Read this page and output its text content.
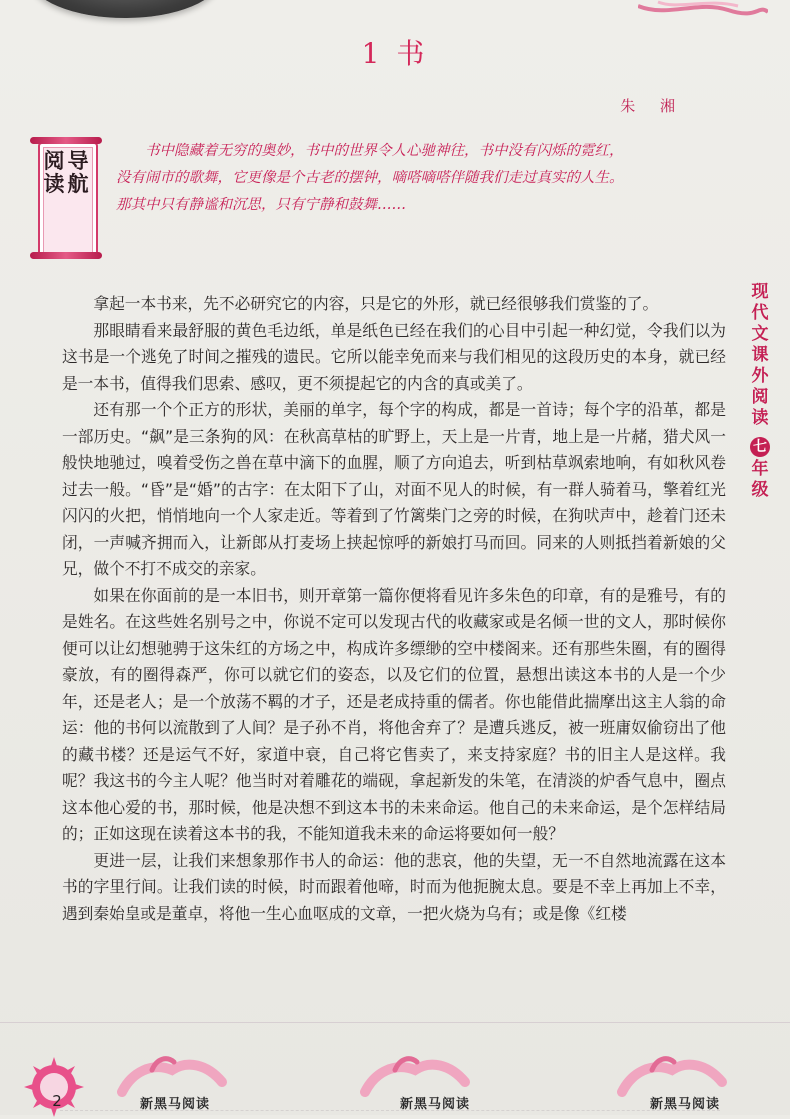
1 书
朱 湘
阅 导
读 航

书中隐藏着无穷的奥妙，书中的世界令人心驰神往，书中没有闪烁的霓红，

没有闹市的歌舞，它更像是个古老的摆钟，嘀嗒嘀嗒伴随我们走过真实的人生。

那其中只有静谧和沉思，只有宁静和鼓舞……

现代文课外阅读
七
年级

拿起一本书来，先不必研究它的内容，只是它的外形，就已经很够我们赏鉴的了。

那眼睛看来最舒服的黄色毛边纸，单是纸色已经在我们的心目中引起一种幻觉，令我们以为这书是一个逃免了时间之摧残的遗民。它所以能幸免而来与我们相见的这段历史的本身，就已经是一本书，值得我们思索、感叹，更不须提起它的内含的真或美了。

还有那一个个正方的形状，美丽的单字，每个字的构成，都是一首诗；每个字的沿革，都是一部历史。“飙”是三条狗的风：在秋高草枯的旷野上，天上是一片青，地上是一片赭，猎犬风一般快地驰过，嗅着受伤之兽在草中滴下的血腥，顺了方向追去，听到枯草飒索地响，有如秋风卷过去一般。“昏”是“婚”的古字：在太阳下了山，对面不见人的时候，有一群人骑着马，擎着红光闪闪的火把，悄悄地向一个人家走近。等着到了竹篱柴门之旁的时候，在狗吠声中，趁着门还未闭，一声喊齐拥而入，让新郎从打麦场上挟起惊呼的新娘打马而回。同来的人则抵挡着新娘的父兄，做个不打不成交的亲家。

如果在你面前的是一本旧书，则开章第一篇你便将看见许多朱色的印章，有的是雅号，有的是姓名。在这些姓名别号之中，你说不定可以发现古代的收藏家或是名倾一世的文人，那时候你便可以让幻想驰骋于这朱红的方场之中，构成许多缥缈的空中楼阁来。还有那些朱圈，有的圈得豪放，有的圈得森严，你可以就它们的姿态，以及它们的位置，悬想出读这本书的人是一个少年，还是老人；是一个放荡不羁的才子，还是老成持重的儒者。你也能借此揣摩出这主人翁的命运：他的书何以流散到了人间？是子孙不肖，将他舍弃了？是遭兵逃反，被一班庸奴偷窃出了他的藏书楼？还是运气不好，家道中衰，自己将它售卖了，来支持家庭？书的旧主人是这样。我呢？我这书的今主人呢？他当时对着雕花的端砚，拿起新发的朱笔，在清淡的炉香气息中，圈点这本他心爱的书，那时候，他是决想不到这本书的未来命运。他自己的未来命运，是个怎样结局的；正如这现在读着这本书的我，不能知道我未来的命运将要如何一般？

更进一层，让我们来想象那作书人的命运：他的悲哀，他的失望，无一不自然地流露在这本书的字里行间。让我们读的时候，时而跟着他啼，时而为他扼腕太息。要是不幸上再加上不幸，遇到秦始皇或是董卓，将他一生心血呕成的文章，一把火烧为乌有；或是像《红楼

2	新黑马阅读	新黑马阅读	新黑马阅读
